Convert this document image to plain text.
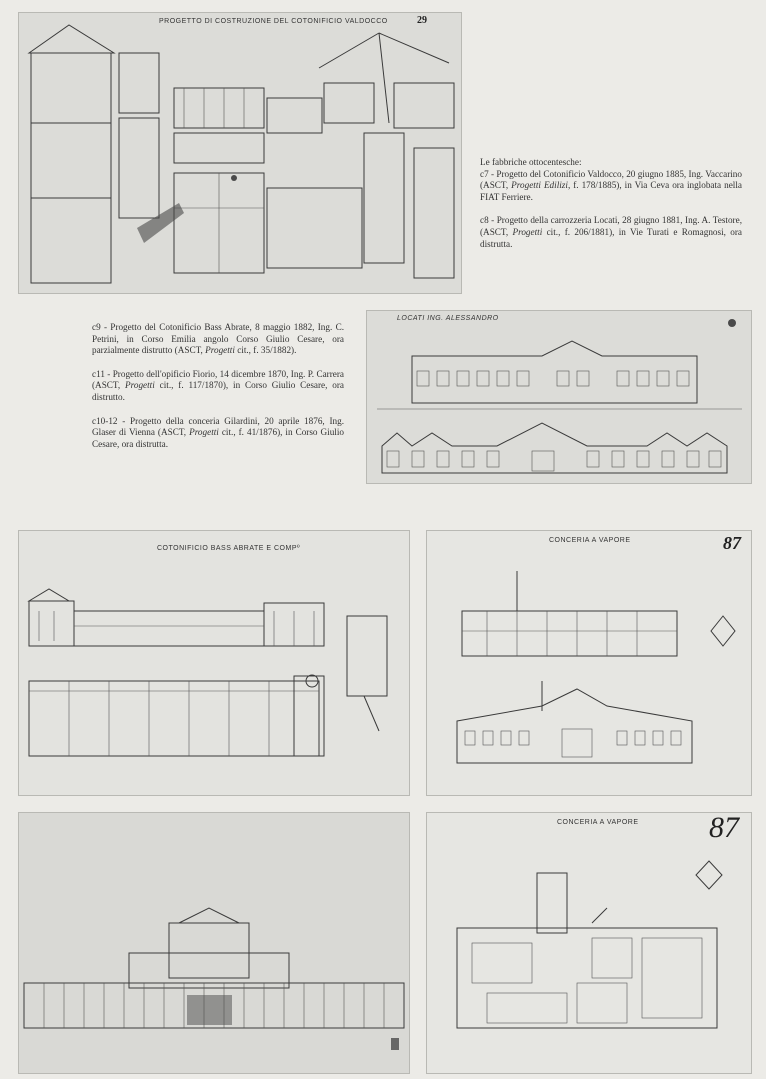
PROGETTO DI COSTRUZIONE DEL COTONIFICIO VALDOCCO	29

Le fabbriche ottocentesche:

c7 - Progetto del Cotonificio Valdocco, 20 giugno 1885, Ing. Vaccarino (ASCT, Progetti Edilizi, f. 178/1885), in Via Ceva ora inglobata nella FIAT Ferriere.

c8 - Progetto della carrozzeria Locati, 28 giugno 1881, Ing. A. Testore, (ASCT, Progetti cit., f. 206/1881), in Vie Turati e Romagnosi, ora distrutta.

c9 - Progetto del Cotonificio Bass Abrate, 8 maggio 1882, Ing. C. Petrini, in Corso Emilia angolo Corso Giulio Cesare, ora parzialmente distrutto (ASCT, Progetti cit., f. 35/1882).

c11 - Progetto dell'opificio Fiorio, 14 dicembre 1870, Ing. P. Carrera (ASCT, Progetti cit., f. 117/1870), in Corso Giulio Cesare, ora distrutto.

c10-12 - Progetto della conceria Gilardini, 20 aprile 1876, Ing. Glaser di Vienna (ASCT, Progetti cit., f. 41/1876), in Corso Giulio Cesare, ora distrutta.

LOCATI ING. ALESSANDRO
COTONIFICIO BASS ABRATE E COMPº
CONCERIA A VAPORE	87
CONCERIA A VAPORE 87
